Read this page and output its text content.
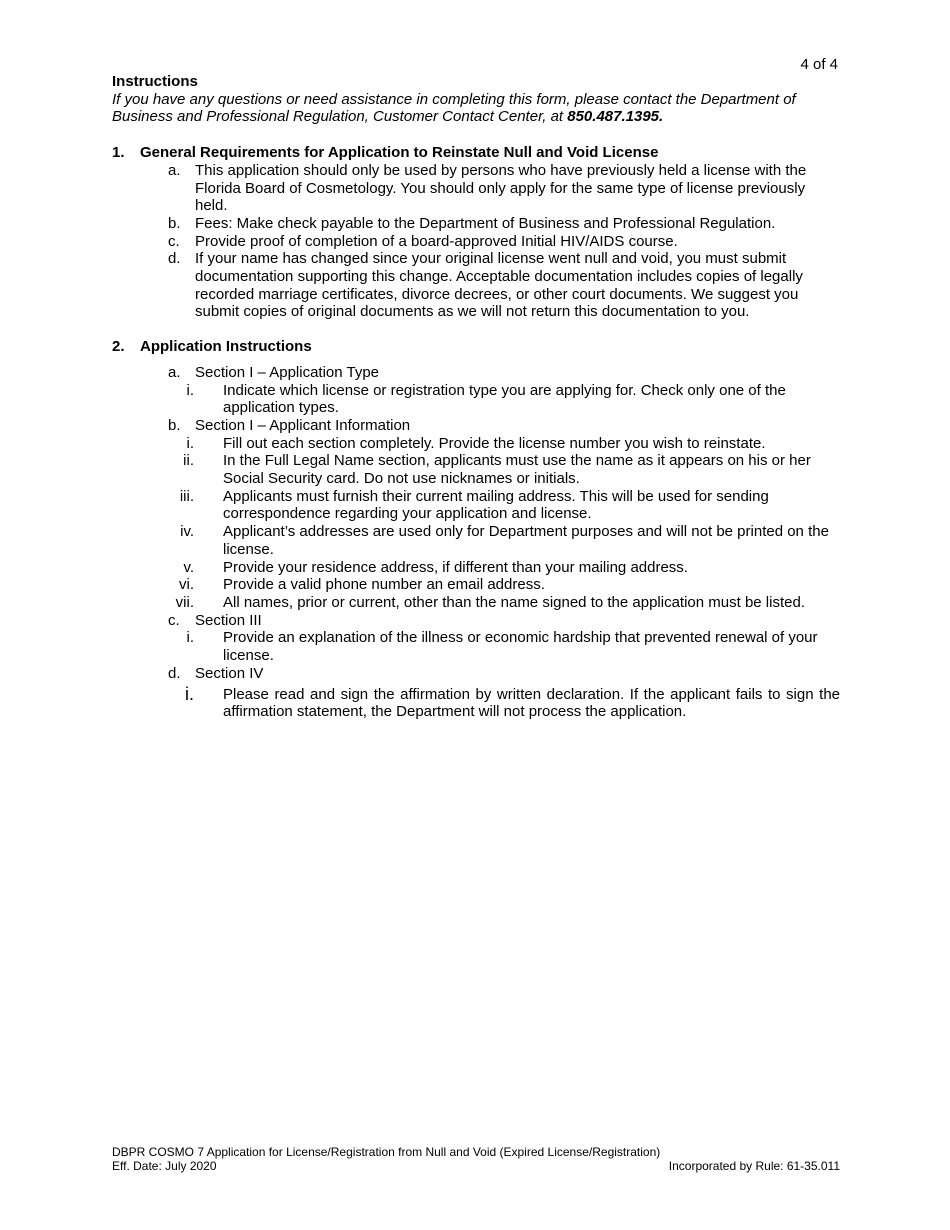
4 of 4
Instructions
If you have any questions or need assistance in completing this form, please contact the Department of Business and Professional Regulation, Customer Contact Center, at 850.487.1395.
1. General Requirements for Application to Reinstate Null and Void License
a. This application should only be used by persons who have previously held a license with the Florida Board of Cosmetology. You should only apply for the same type of license previously held.
b. Fees: Make check payable to the Department of Business and Professional Regulation.
c. Provide proof of completion of a board-approved Initial HIV/AIDS course.
d. If your name has changed since your original license went null and void, you must submit documentation supporting this change. Acceptable documentation includes copies of legally recorded marriage certificates, divorce decrees, or other court documents. We suggest you submit copies of original documents as we will not return this documentation to you.
2. Application Instructions
a. Section I – Application Type
i. Indicate which license or registration type you are applying for. Check only one of the application types.
b. Section I – Applicant Information
i. Fill out each section completely. Provide the license number you wish to reinstate.
ii. In the Full Legal Name section, applicants must use the name as it appears on his or her Social Security card. Do not use nicknames or initials.
iii. Applicants must furnish their current mailing address. This will be used for sending correspondence regarding your application and license.
iv. Applicant’s addresses are used only for Department purposes and will not be printed on the license.
v. Provide your residence address, if different than your mailing address.
vi. Provide a valid phone number an email address.
vii. All names, prior or current, other than the name signed to the application must be listed.
c. Section III
i. Provide an explanation of the illness or economic hardship that prevented renewal of your license.
d. Section IV
i. Please read and sign the affirmation by written declaration. If the applicant fails to sign the affirmation statement, the Department will not process the application.
DBPR COSMO 7 Application for License/Registration from Null and Void (Expired License/Registration)
Eff. Date: July 2020	Incorporated by Rule: 61-35.011
